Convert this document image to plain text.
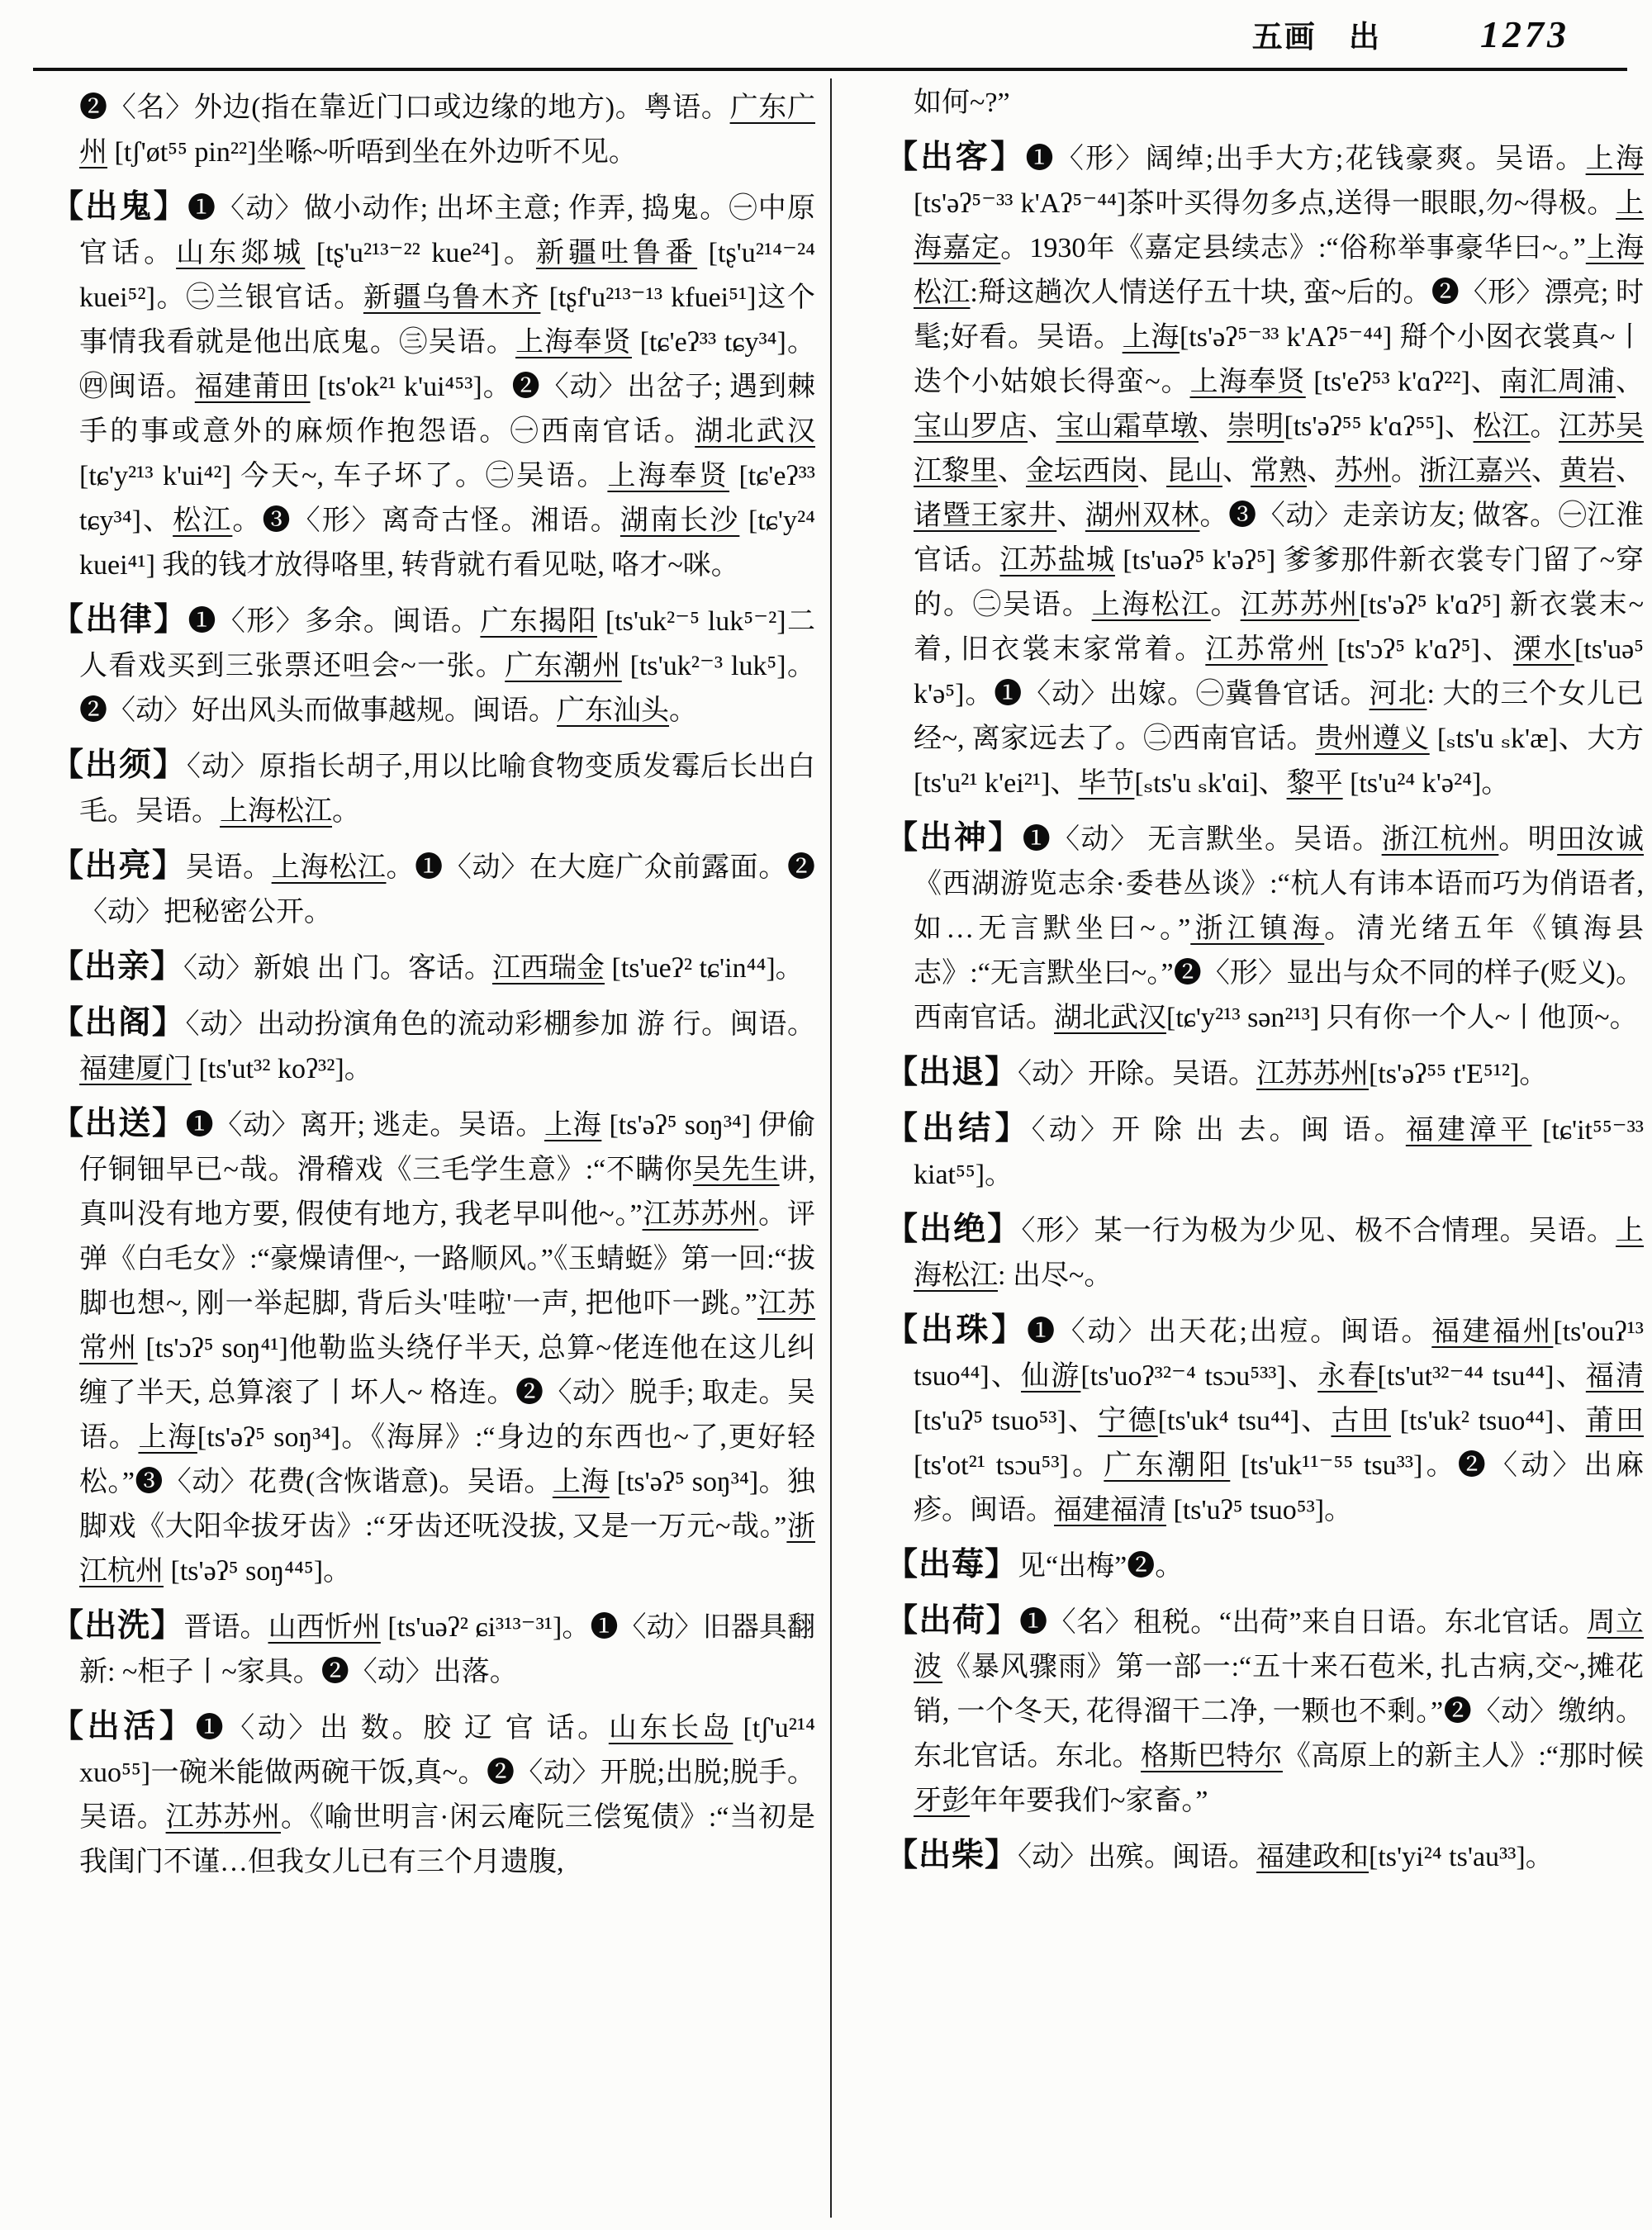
五画 出	1273

❷〈名〉外边(指在靠近门口或边缘的地方)。粤语。广东广州 [tʃ'øt⁵⁵ pin²²]坐喺~听唔到坐在外边听不见。

【出鬼】❶〈动〉做小动作; 出坏主意; 作弄, 捣鬼。㊀中原官话。山东郯城 [tʂ'u²¹³⁻²² kue²⁴]。新疆吐鲁番 [tʂ'u²¹⁴⁻²⁴ kuei⁵²]。㊁兰银官话。新疆乌鲁木齐 [tʂf'u²¹³⁻¹³ kfuei⁵¹]这个事情我看就是他出底鬼。㊂吴语。上海奉贤 [tɕ'eʔ³³ tɕy³⁴]。㊃闽语。福建莆田 [ts'ok²¹ k'ui⁴⁵³]。❷〈动〉出岔子; 遇到棘手的事或意外的麻烦作抱怨语。㊀西南官话。湖北武汉 [tɕ'y²¹³ k'ui⁴²] 今天~, 车子坏了。㊁吴语。上海奉贤 [tɕ'eʔ³³ tɕy³⁴]、松江。❸〈形〉离奇古怪。湘语。湖南长沙 [tɕ'y²⁴ kuei⁴¹] 我的钱才放得咯里, 转背就冇看见哒, 咯才~咪。

【出律】❶〈形〉多余。闽语。广东揭阳 [ts'uk²⁻⁵ luk⁵⁻²]二人看戏买到三张票还呾会~一张。广东潮州 [ts'uk²⁻³ luk⁵]。❷〈动〉好出风头而做事越规。闽语。广东汕头。

【出须】〈动〉原指长胡子,用以比喻食物变质发霉后长出白毛。吴语。上海松江。

【出亮】吴语。上海松江。❶〈动〉在大庭广众前露面。❷〈动〉把秘密公开。

【出亲】〈动〉新娘 出 门。客话。江西瑞金 [ts'ueʔ² tɕ'in⁴⁴]。

【出阁】〈动〉出动扮演角色的流动彩棚参加 游 行。闽语。福建厦门 [ts'ut³² koʔ³²]。

【出送】❶〈动〉离开; 逃走。吴语。上海 [ts'əʔ⁵ soŋ³⁴] 伊偷仔铜钿早已~哉。滑稽戏《三毛学生意》:“不瞒你吴先生讲, 真叫没有地方要, 假使有地方, 我老早叫他~。”江苏苏州。评弹《白毛女》:“豪燥请俚~, 一路顺风。”《玉蜻蜓》第一回:“拔脚也想~, 刚一举起脚, 背后头'哇啦'一声, 把他吓一跳。”江苏常州 [ts'ɔʔ⁵ soŋ⁴¹]他勒监头绕仔半天, 总算~佬连他在这儿纠缠了半天, 总算滚了丨坏人~ 格连。❷〈动〉脱手; 取走。吴语。上海[ts'əʔ⁵ soŋ³⁴]。《海屏》:“身边的东西也~了,更好轻松。”❸〈动〉花费(含恢谐意)。吴语。上海 [ts'əʔ⁵ soŋ³⁴]。独脚戏《大阳伞拔牙齿》:“牙齿还呒没拔, 又是一万元~哉。”浙江杭州 [ts'əʔ⁵ soŋ⁴⁴⁵]。

【出洗】晋语。山西忻州 [ts'uəʔ² ɕi³¹³⁻³¹]。❶〈动〉旧器具翻新: ~柜子丨~家具。❷〈动〉出落。

【出活】❶〈动〉出 数。胶 辽 官 话。山东长岛 [tʃ'u²¹⁴ xuo⁵⁵]一碗米能做两碗干饭,真~。❷〈动〉开脱;出脱;脱手。吴语。江苏苏州。《喻世明言·闲云庵阮三偿冤债》:“当初是我闺门不谨…但我女儿已有三个月遗腹,

如何~?”

【出客】❶〈形〉阔绰;出手大方;花钱豪爽。吴语。上海 [ts'əʔ⁵⁻³³ k'Aʔ⁵⁻⁴⁴]茶叶买得勿多点,送得一眼眼,勿~得极。上海嘉定。1930年《嘉定县续志》:“俗称举事豪华曰~。”上海松江:搿这趟次人情送仔五十块, 蛮~后的。❷〈形〉漂亮; 时髦;好看。吴语。上海[ts'əʔ⁵⁻³³ k'Aʔ⁵⁻⁴⁴] 搿个小囡衣裳真~丨迭个小姑娘长得蛮~。上海奉贤 [ts'eʔ⁵³ k'ɑʔ²²]、南汇周浦、宝山罗店、宝山霜草墩、崇明[ts'əʔ⁵⁵ k'ɑʔ⁵⁵]、松江。江苏吴江黎里、金坛西岗、昆山、常熟、苏州。浙江嘉兴、黄岩、诸暨王家井、湖州双林。❸〈动〉走亲访友; 做客。㊀江淮官话。江苏盐城 [ts'uəʔ⁵ k'əʔ⁵] 爹爹那件新衣裳专门留了~穿的。㊁吴语。上海松江。江苏苏州[ts'əʔ⁵ k'ɑʔ⁵] 新衣裳末~着, 旧衣裳末家常着。江苏常州 [ts'ɔʔ⁵ k'ɑʔ⁵]、溧水[ts'uə⁵ k'ə⁵]。❶〈动〉出嫁。㊀冀鲁官话。河北: 大的三个女儿已经~, 离家远去了。㊁西南官话。贵州遵义 [ₛts'u ₛk'æ]、大方[ts'u²¹ k'ei²¹]、毕节[ₛts'u ₛk'ɑi]、黎平 [ts'u²⁴ k'ə²⁴]。

【出神】❶〈动〉 无言默坐。吴语。浙江杭州。明田汝诚《西湖游览志余·委巷丛谈》:“杭人有讳本语而巧为俏语者, 如…无言默坐曰~。”浙江镇海。清光绪五年《镇海县志》:“无言默坐曰~。”❷〈形〉显出与众不同的样子(贬义)。西南官话。湖北武汉[tɕ'y²¹³ sən²¹³] 只有你一个人~丨他顶~。

【出退】〈动〉开除。吴语。江苏苏州[ts'əʔ⁵⁵ t'E⁵¹²]。

【出结】〈动〉开 除 出 去。闽 语。福建漳平 [tɕ'it⁵⁵⁻³³ kiat⁵⁵]。

【出绝】〈形〉某一行为极为少见、极不合情理。吴语。上海松江: 出尽~。

【出珠】❶〈动〉出天花;出痘。闽语。福建福州[ts'ouʔ¹³ tsuo⁴⁴]、仙游[ts'uoʔ³²⁻⁴ tsɔu⁵³³]、永春[ts'ut³²⁻⁴⁴ tsu⁴⁴]、福清 [ts'uʔ⁵ tsuo⁵³]、宁德[ts'uk⁴ tsu⁴⁴]、古田 [ts'uk² tsuo⁴⁴]、莆田 [ts'ot²¹ tsɔu⁵³]。广东潮阳 [ts'uk¹¹⁻⁵⁵ tsu³³]。❷〈动〉出麻疹。闽语。福建福清 [ts'uʔ⁵ tsuo⁵³]。

【出莓】见“出梅”❷。

【出荷】❶〈名〉租税。“出荷”来自日语。东北官话。周立波《暴风骤雨》第一部一:“五十来石苞米, 扎古病,交~,摊花销, 一个冬天, 花得溜干二净, 一颗也不剩。”❷〈动〉缴纳。东北官话。东北。格斯巴特尔《高原上的新主人》:“那时候牙彭年年要我们~家畜。”

【出柴】〈动〉出殡。闽语。福建政和[ts'yi²⁴ ts'au³³]。
